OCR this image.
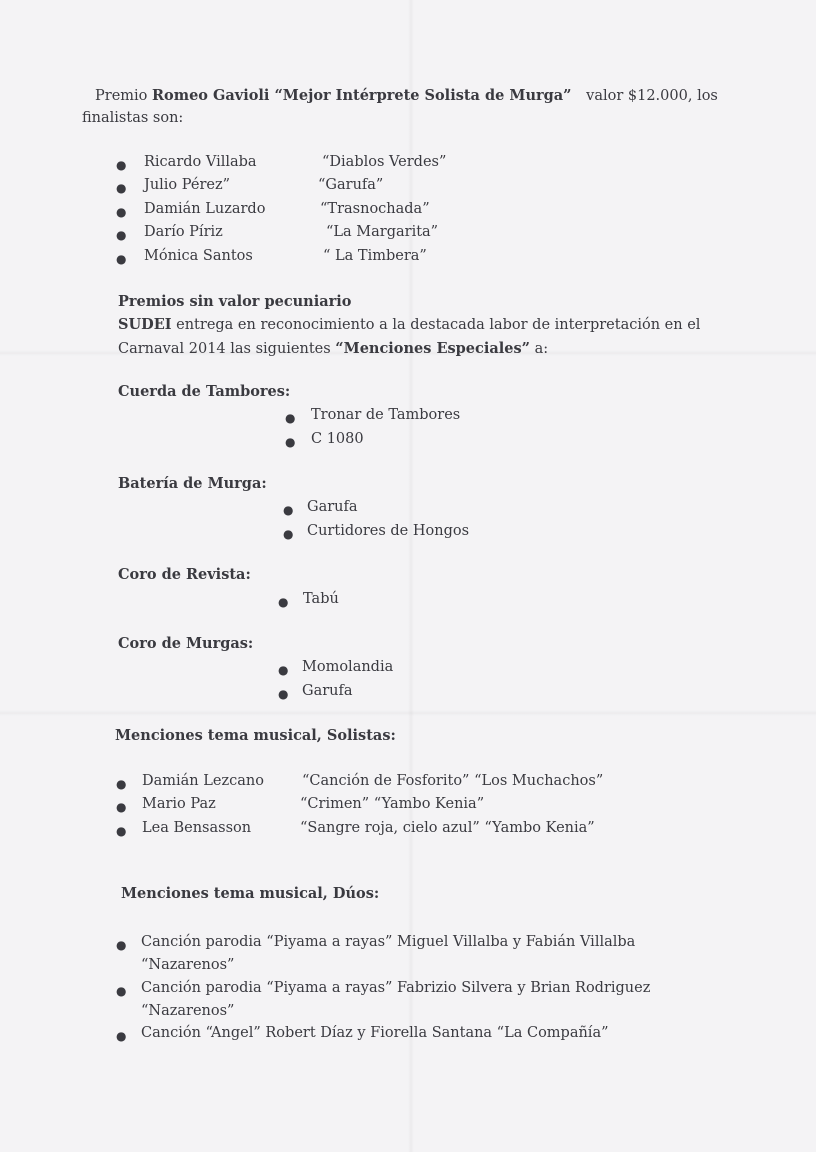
Premio Romeo Gavioli “Mejor Intérprete Solista de Murga” valor $12.000, los
finalistas son:
● Ricardo Villaba	“Diablos Verdes”
● Julio Pérez”	“Garufa”
● Damián Luzardo	“Trasnochada”
● Darío Píriz	“La Margarita”
● Mónica Santos	“ La Timbera”
Premios sin valor pecuniario
SUDEI entrega en reconocimiento a la destacada labor de interpretación en el
Carnaval 2014 las siguientes “Menciones Especiales” a:
Cuerda de Tambores:
● Tronar de Tambores
● C 1080
Batería de Murga:
● Garufa
● Curtidores de Hongos
Coro de Revista:
● Tabú
Coro de Murgas:
● Momolandia
● Garufa
Menciones tema musical, Solistas:
● Damián Lezcano	“Canción de Fosforito” “Los Muchachos”
● Mario Paz	“Crimen” “Yambo Kenia”
● Lea Bensasson	“Sangre roja, cielo azul” “Yambo Kenia”
Menciones tema musical, Dúos:
● Canción parodia “Piyama a rayas” Miguel Villalba y Fabián Villalba
“Nazarenos”
● Canción parodia “Piyama a rayas” Fabrizio Silvera y Brian Rodriguez
“Nazarenos”
● Canción “Angel” Robert Díaz y Fiorella Santana “La Compañía”
